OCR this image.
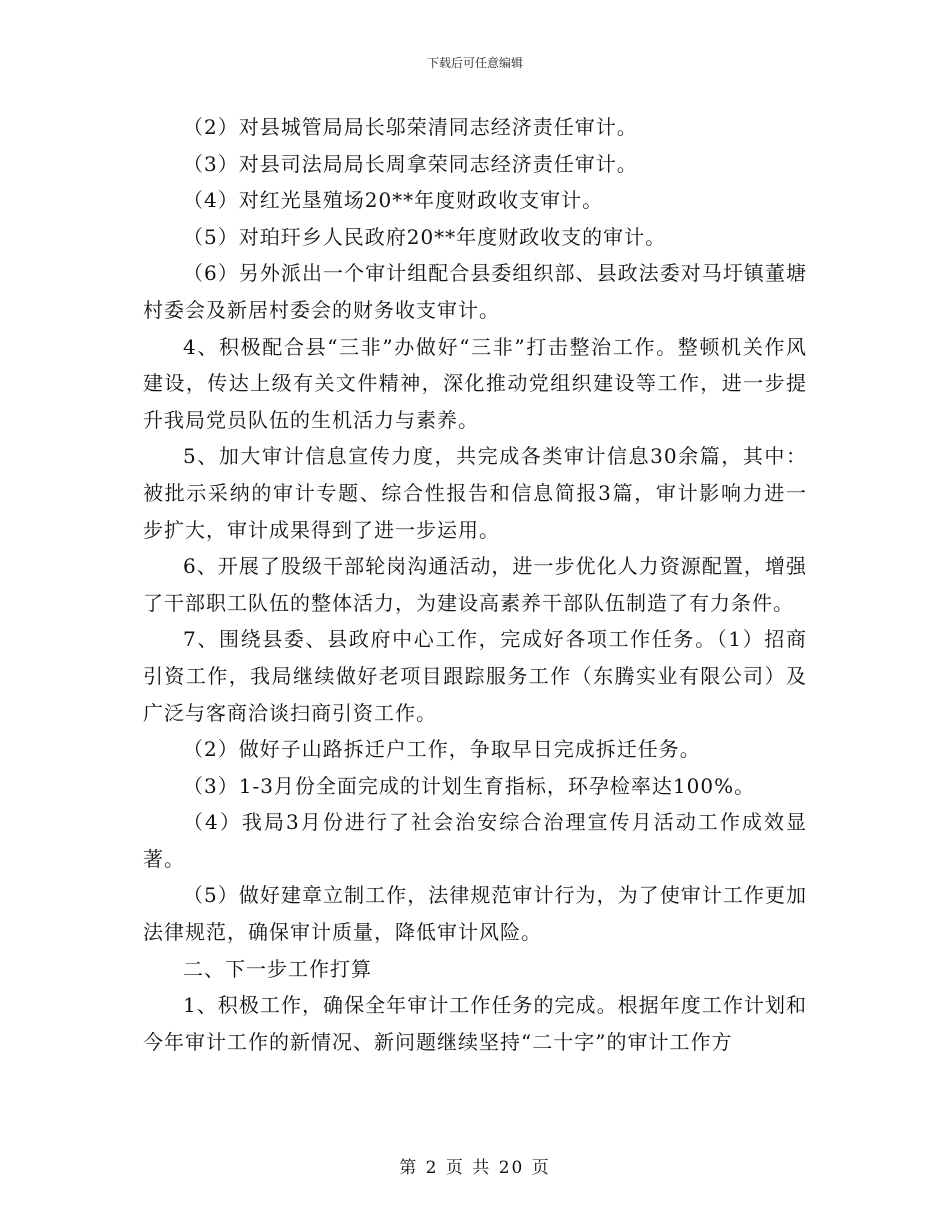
下载后可任意编辑

（2）对县城管局局长邬荣清同志经济责任审计。

（3）对县司法局局长周拿荣同志经济责任审计。

（4）对红光垦殖场20**年度财政收支审计。

（5）对珀玕乡人民政府20**年度财政收支的审计。

（6）另外派出一个审计组配合县委组织部、县政法委对马圩镇董塘村委会及新居村委会的财务收支审计。

4、积极配合县“三非”办做好“三非”打击整治工作。整顿机关作风建设，传达上级有关文件精神，深化推动党组织建设等工作，进一步提升我局党员队伍的生机活力与素养。

5、加大审计信息宣传力度，共完成各类审计信息30余篇，其中：被批示采纳的审计专题、综合性报告和信息简报3篇，审计影响力进一步扩大，审计成果得到了进一步运用。

6、开展了股级干部轮岗沟通活动，进一步优化人力资源配置，增强了干部职工队伍的整体活力，为建设高素养干部队伍制造了有力条件。

7、围绕县委、县政府中心工作，完成好各项工作任务。（1）招商引资工作，我局继续做好老项目跟踪服务工作（东腾实业有限公司）及广泛与客商洽谈扫商引资工作。

（2）做好子山路拆迁户工作，争取早日完成拆迁任务。

（3）1-3月份全面完成的计划生育指标，环孕检率达100%。

（4）我局3月份进行了社会治安综合治理宣传月活动工作成效显著。

（5）做好建章立制工作，法律规范审计行为，为了使审计工作更加法律规范，确保审计质量，降低审计风险。

二、下一步工作打算

1、积极工作，确保全年审计工作任务的完成。根据年度工作计划和今年审计工作的新情况、新问题继续坚持“二十字”的审计工作方

第 2 页 共 20 页
